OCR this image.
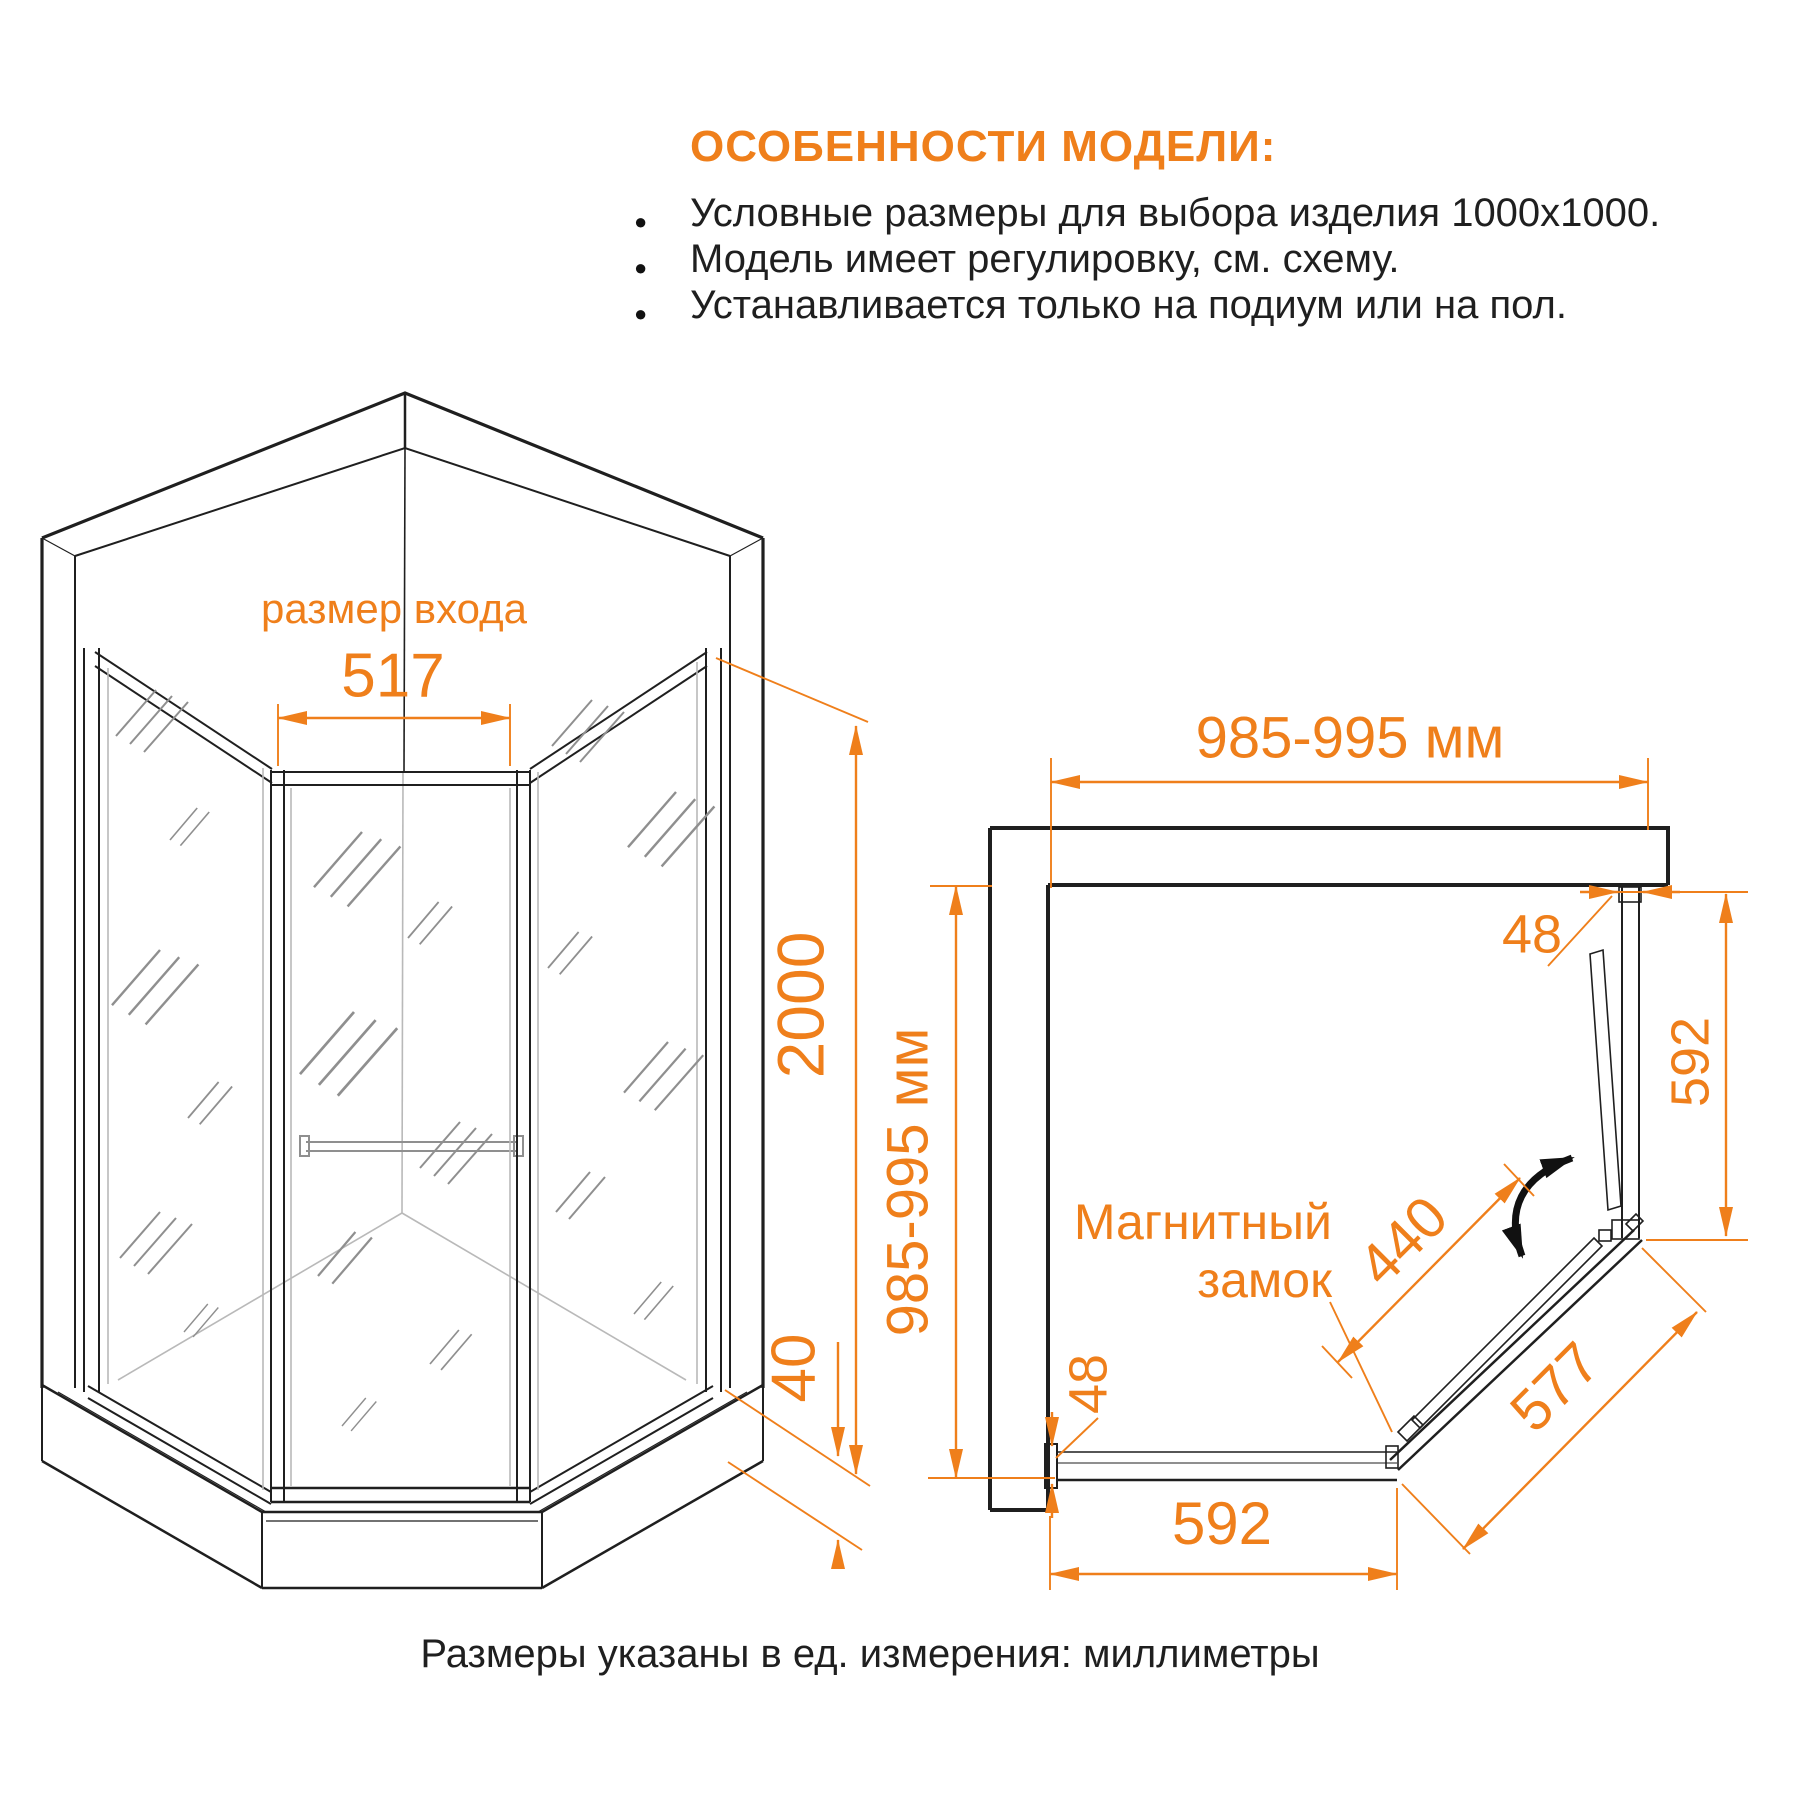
ОСОБЕННОСТИ МОДЕЛИ:
● Условные размеры для выбора изделия 1000x1000.
● Модель имеет регулировку, см. схему.
● Устанавливается только на подиум или на пол.
размер входа
517
2000
40
985-995 мм
985-995 мм
48
592
440
577
592
48
Магнитный
замок
Размеры указаны в ед. измерения: миллиметры
